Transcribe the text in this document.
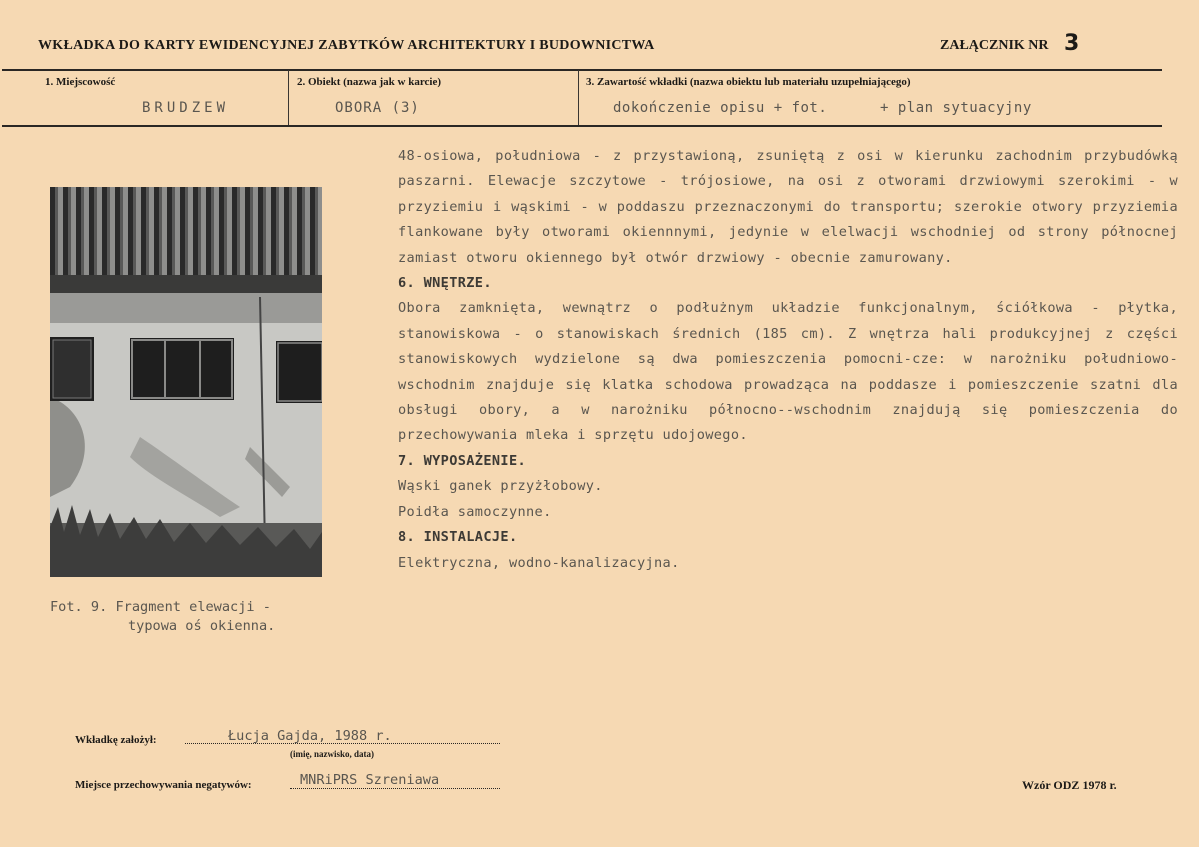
WKŁADKA DO KARTY EWIDENCYJNEJ ZABYTKÓW ARCHITEKTURY I BUDOWNICTWA	ZAŁĄCZNIK NR 3
1. Miejscowość
BRUDZEW
2. Obiekt (nazwa jak w karcie)
OBORA (3)
3. Zawartość wkładki (nazwa obiektu lub materiału uzupełniającego)
dokończenie opisu + fot.	+ plan sytuacyjny
Fot. 9. Fragment elewacji -
typowa oś okienna.

48-osiowa, południowa - z przystawioną, zsuniętą z osi w kierunku zachodnim przybudówką paszarni. Elewacje szczytowe - trójosiowe, na osi z otworami drzwiowymi szerokimi - w przyziemiu i wąskimi - w poddaszu przeznaczonymi do transportu; szerokie otwory przyziemia flankowane były otworami okiennnymi, jedynie w elelwacji wschodniej od strony północnej zamiast otworu okiennego był otwór drzwiowy - obecnie zamurowany.

6. WNĘTRZE.

Obora zamknięta, wewnątrz o podłużnym układzie funkcjonalnym, ściółkowa - płytka, stanowiskowa - o stanowiskach średnich (185 cm). Z wnętrza hali produkcyjnej z części stanowiskowych wydzielone są dwa pomieszczenia pomocni-cze: w narożniku południowo-wschodnim znajduje się klatka schodowa prowadząca na poddasze i pomieszczenie szatni dla obsługi obory, a w narożniku północno--wschodnim znajdują się pomieszczenia do przechowywania mleka i sprzętu udojowego.

7. WYPOSAŻENIE.

Wąski ganek przyżłobowy.

Poidła samoczynne.

8. INSTALACJE.

Elektryczna, wodno-kanalizacyjna.

Wkładkę założył:	Łucja Gajda, 1988 r.
(imię, nazwisko, data)
Miejsce przechowywania negatywów:	MNRiPRS Szreniawa	Wzór ODZ 1978 r.
